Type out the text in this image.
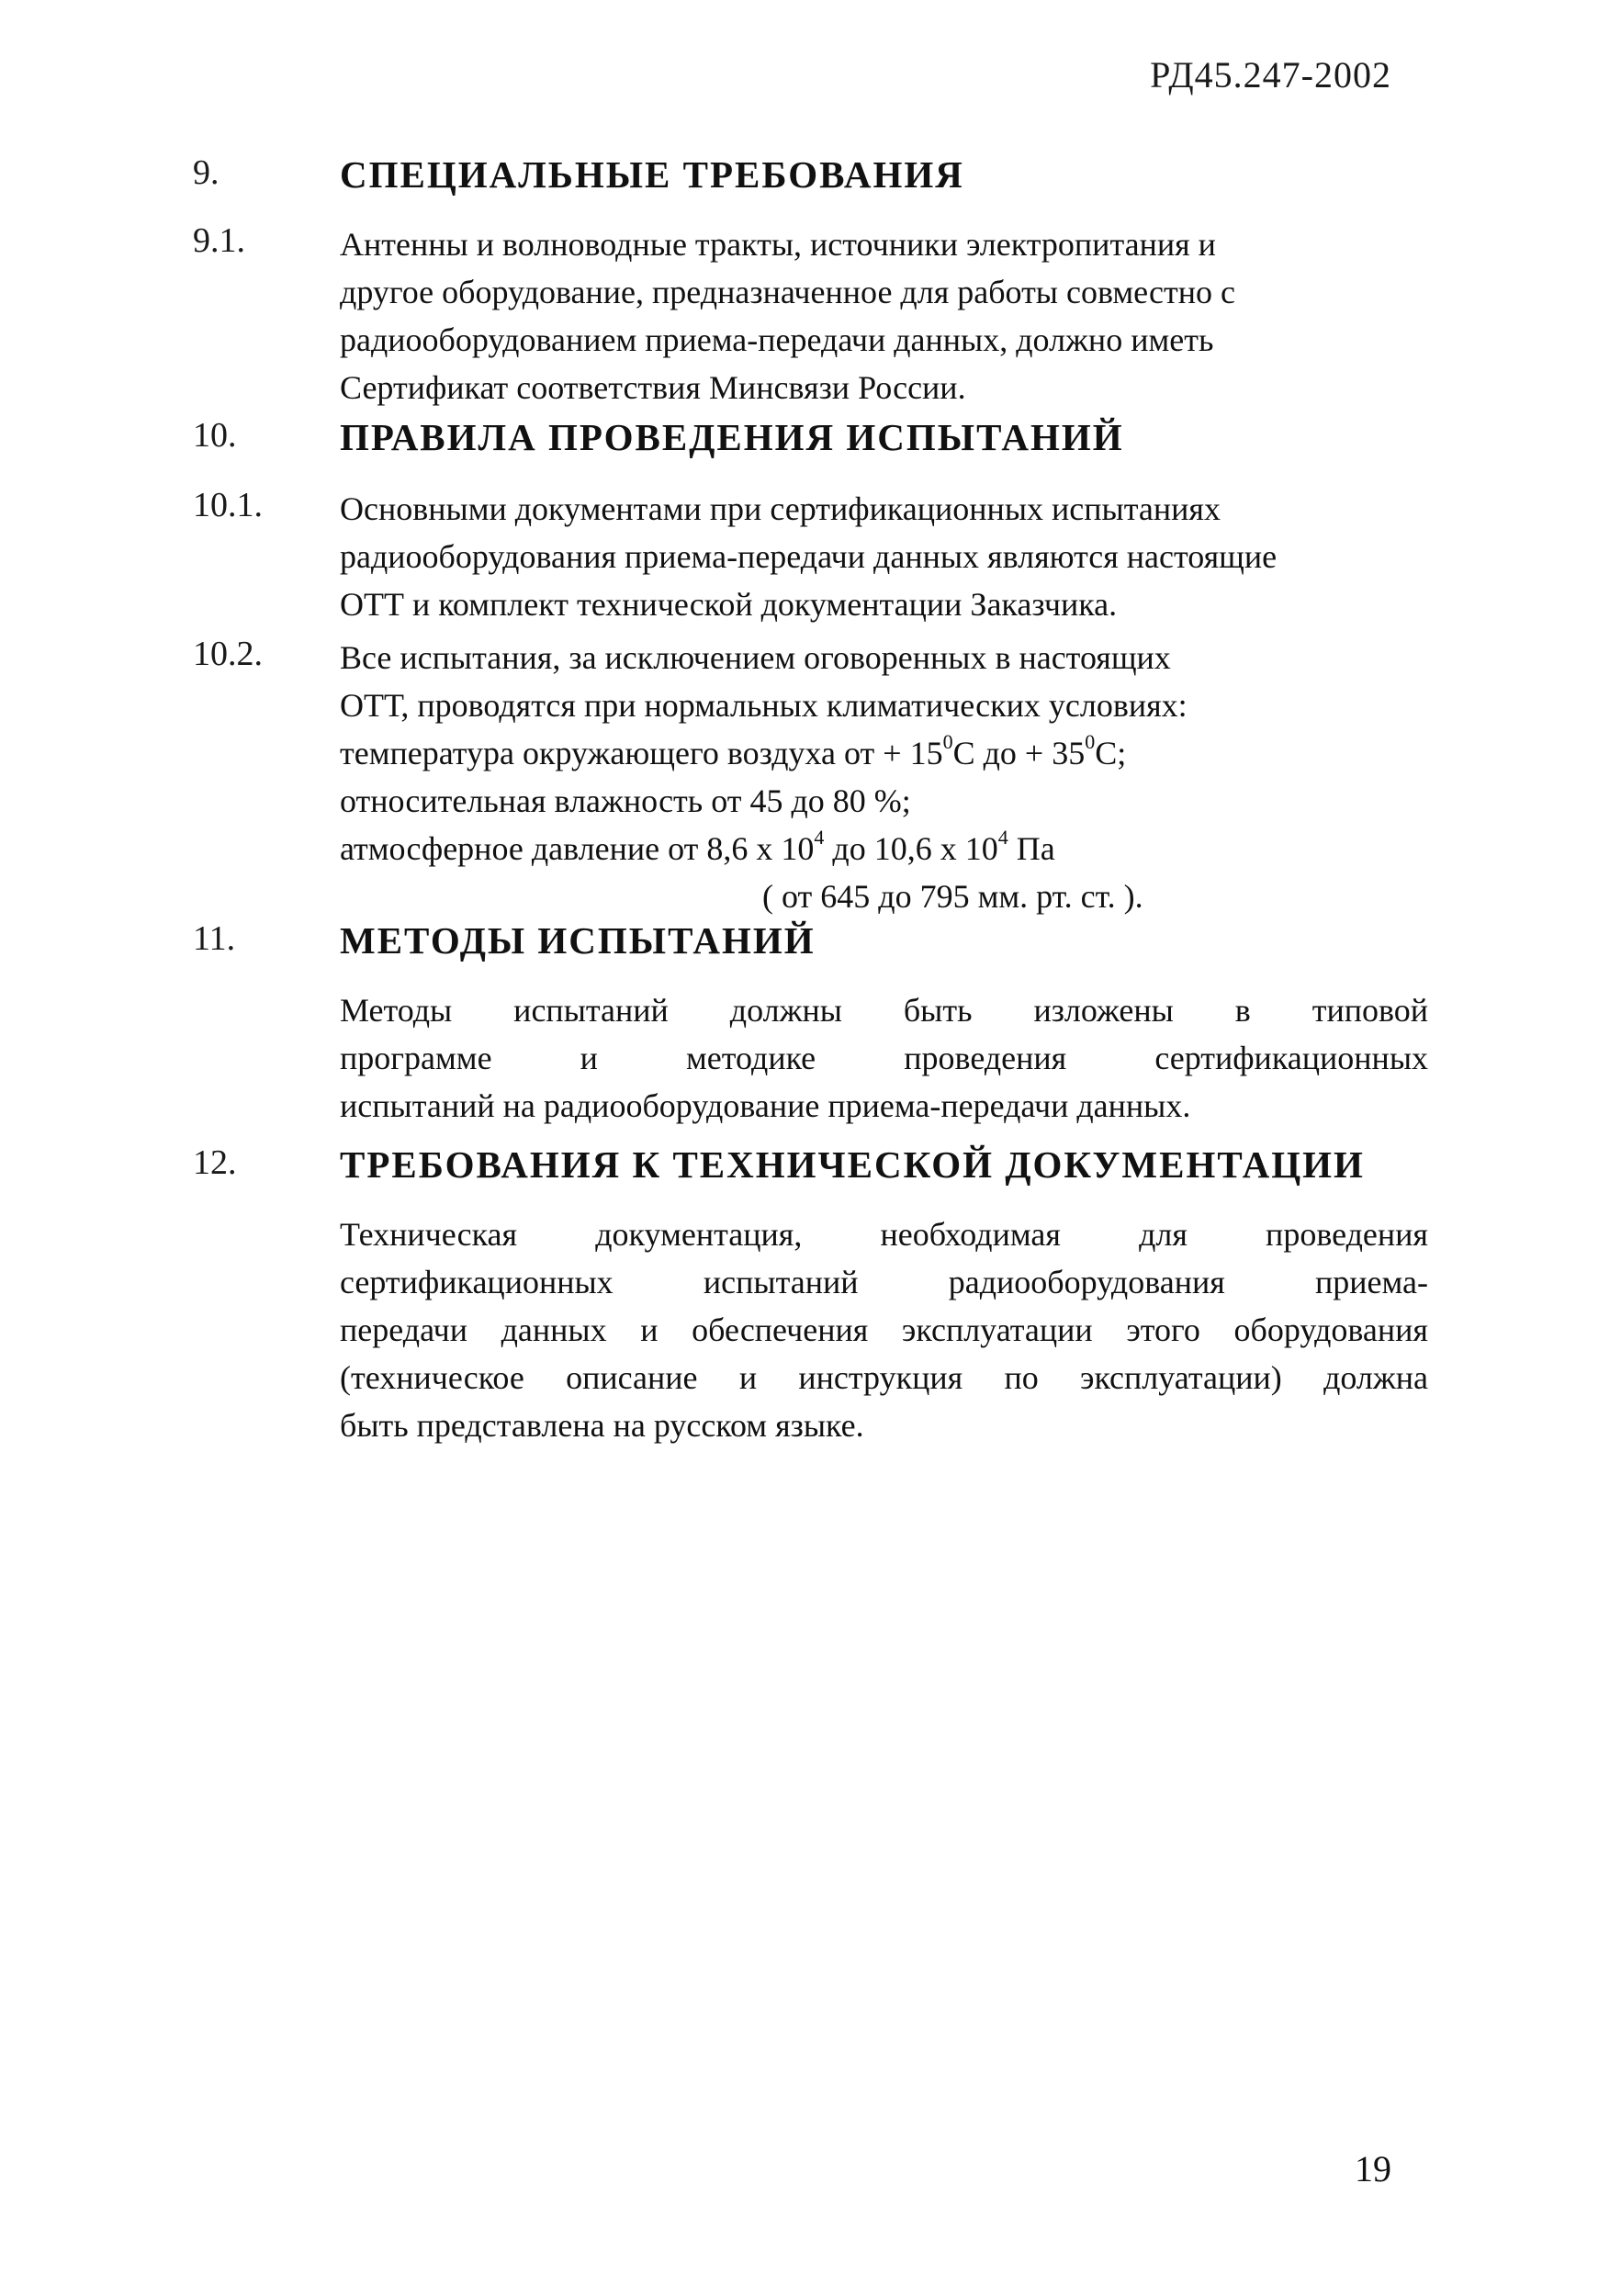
РД45.247-2002
9.	СПЕЦИАЛЬНЫЕ ТРЕБОВАНИЯ
9.1.	Антенны и волноводные тракты, источники электропитания и
другое оборудование, предназначенное для работы совместно с
радиооборудованием приема-передачи данных, должно иметь
Сертификат соответствия Минсвязи России.
10.	ПРАВИЛА ПРОВЕДЕНИЯ ИСПЫТАНИЙ
10.1. Основными документами при сертификационных испытаниях
радиооборудования приема-передачи данных являются настоящие
ОТТ и комплект технической документации Заказчика.
10.2. Все испытания, за исключением оговоренных в настоящих
ОТТ, проводятся при нормальных климатических условиях:
температура окружающего воздуха от + $15^0С$ до + $35^0С$;
относительная влажность от 45 до 80 %;
атмосферное давление от 8,6 х $10^4$ до 10,6 х $10^4$ Па
( от 645 до 795 мм. рт. ст. ).
11.	МЕТОДЫ ИСПЫТАНИЙ
Методы испытаний должны быть изложены в типовой
программе и методике проведения сертификационных
испытаний на радиооборудование приема-передачи данных.
12.	ТРЕБОВАНИЯ К ТЕХНИЧЕСКОЙ ДОКУМЕНТАЦИИ
Техническая документация, необходимая для проведения
сертификационных испытаний радиооборудования приема-
передачи данных и обеспечения эксплуатации этого оборудования
(техническое описание и инструкция по эксплуатации) должна
быть представлена на русском языке.
19
